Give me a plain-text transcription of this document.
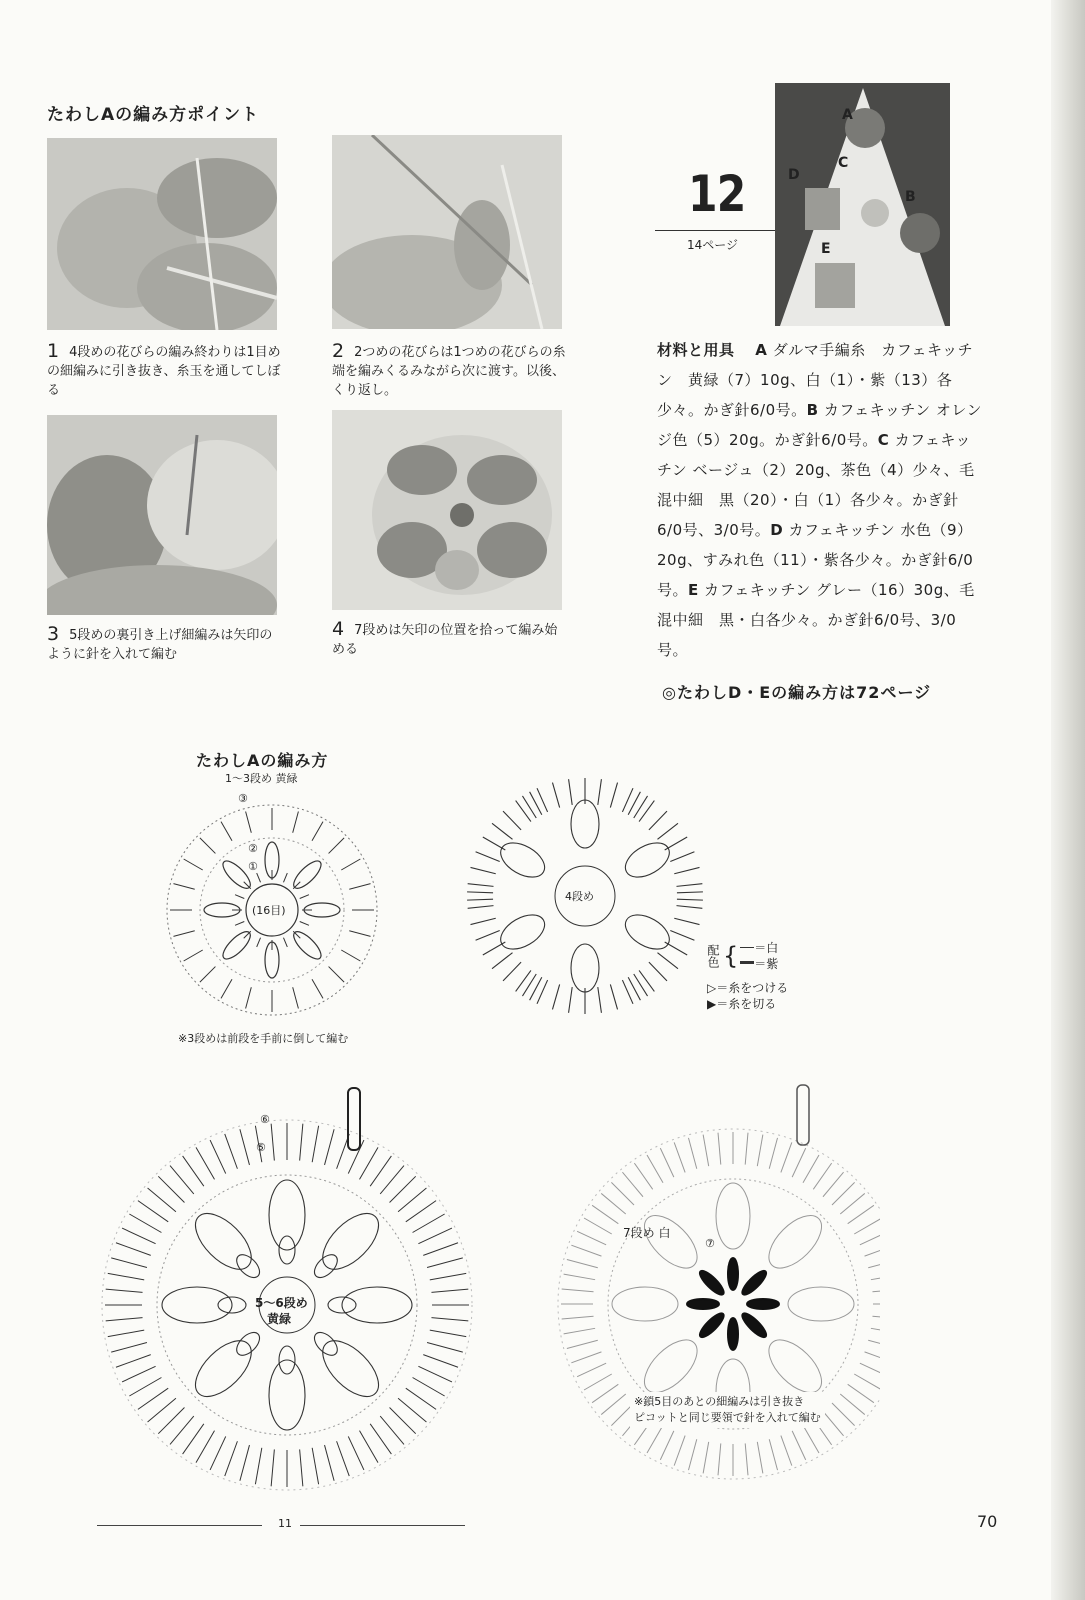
たわしAの編み方ポイント
1 4段めの花びらの編み終わりは1目めの細編みに引き抜き、糸玉を通してしぼる
2 2つめの花びらは1つめの花びらの糸端を編みくるみながら次に渡す。以後、くり返し。
3 5段めの裏引き上げ細編みは矢印のように針を入れて編む
4 7段めは矢印の位置を拾って編み始める
12
14ページ
A
B
C
D
E
材料と用具　 A ダルマ手編糸　カフェキッチン　黄緑（7）10g、白（1）・紫（13）各少々。かぎ針6/0号。B カフェキッチン オレンジ色（5）20g。かぎ針6/0号。C カフェキッチン ベージュ（2）20g、茶色（4）少々、毛混中細　黒（20）・白（1）各少々。かぎ針6/0号、3/0号。D カフェキッチン 水色（9）20g、すみれ色（11）・紫各少々。かぎ針6/0号。E カフェキッチン グレー（16）30g、毛混中細　黒・白各少々。かぎ針6/0号、3/0号。
◎たわしD・Eの編み方は72ページ
たわしAの編み方
1〜3段め 黄緑
(16目)
①
②
③
※3段めは前段を手前に倒して編む
4段め
配色 {	＝白
＝紫
▷＝糸をつける
▶＝糸を切る
5〜6段め
黄緑
⑤
⑥
7段め 白
⑦
※鎖5目のあとの細編みは引き抜き
ピコットと同じ要領で針を入れて編む
11	70
